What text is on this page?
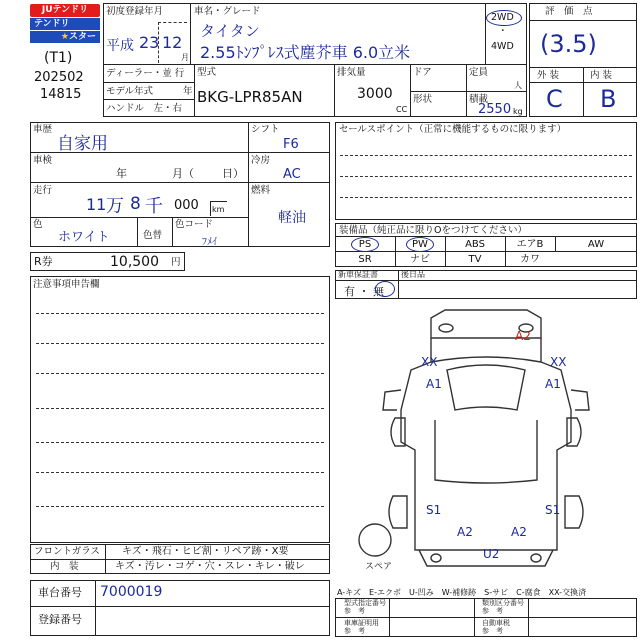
JUテンドリ
テンドリ
★スター
(T1)
202502
14815
初度登録年月
平成 23 12
月
ディーラー・並 行
モデル年式	年
ハンドル　左・右
車名・グレード
タイタン
2.55ﾄﾝﾌﾟﾚｽ式塵芥車 6.0立米
2WD
・
4WD
型式
BKG-LPR85AN
排気量
3000
CC
ドア	定員
人
形状	積載
2550 kg
評　価　点
(3.5)
外 装	内 装
C B
車歴
自家用
車検
年	月（	日）
走行
11 万 8 千 000 km
色
ホワイト	色替
色コード
ﾌﾒｲ
シフト
F6
冷房
AC
燃料
軽油
R券	10,500 円
注意事項申告欄
セールスポイント（正常に機能するものに限ります）
装備品（純正品に限りOをつけてください）
PS	PW	ABS	エアB	AW
SR	ナビ	TV	カワ
新車保証書	後日品
有 ・ 無
A2
XX	XX
A1	A1
S1	S1
A2	A2
U2
スペア
A-キズ　E-エクボ　U-凹み　W-補修跡　S-サビ　C-腐食　XX-交換済
型式指定番号
参　考
類別区分番号
参　考
車庫証明用
参　考
自動車税
参　考
フロントガラス キズ・飛石・ヒビ割・リペア跡・X要
内　装	キズ・汚レ・コゲ・穴・スレ・キレ・破レ
車台番号 7000019
登録番号
